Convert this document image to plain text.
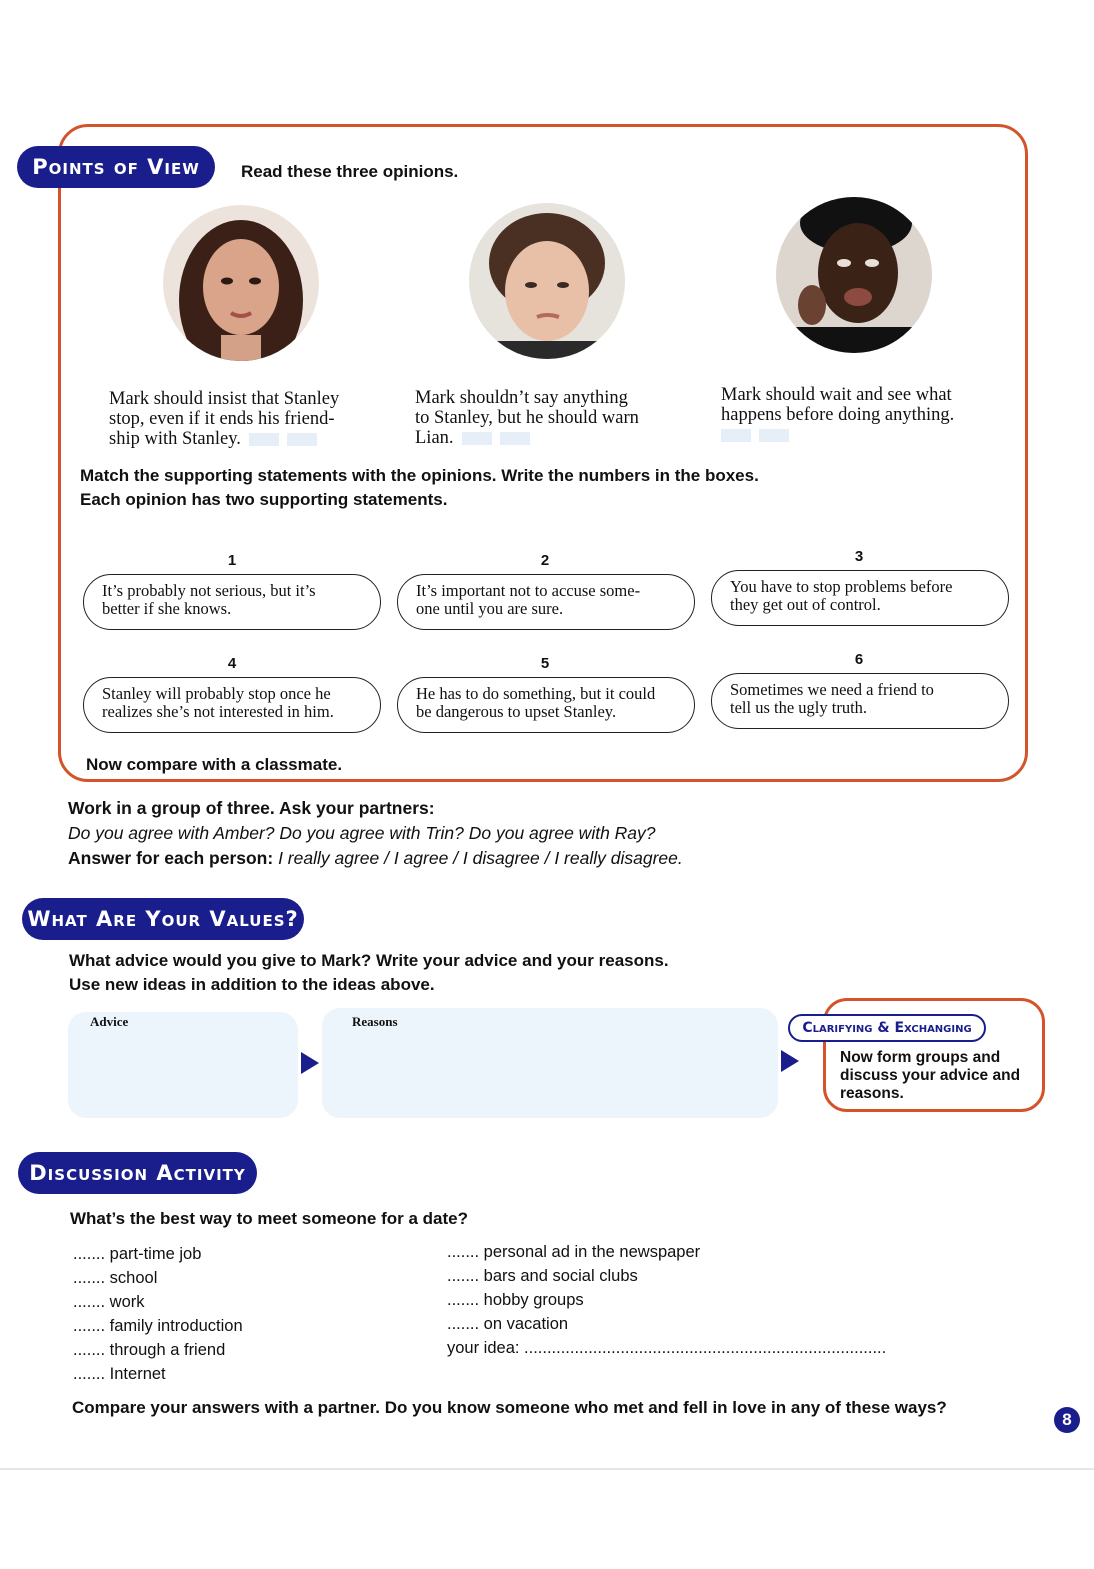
Points of View	Read these three opinions.
Mark should insist that Stanley
stop, even if it ends his friend-
ship with Stanley.
Mark shouldn’t say anything
to Stanley, but he should warn
Lian.
Mark should wait and see what
happens before doing anything.
Match the supporting statements with the opinions. Write the numbers in the boxes.
Each opinion has two supporting statements.
1
It’s probably not serious, but it’s
better if she knows.
2
It’s important not to accuse some-
one until you are sure.
3
You have to stop problems before
they get out of control.
4
Stanley will probably stop once he
realizes she’s not interested in him.
5
He has to do something, but it could
be dangerous to upset Stanley.
6
Sometimes we need a friend to
tell us the ugly truth.
Now compare with a classmate.
Work in a group of three. Ask your partners:
Do you agree with Amber? Do you agree with Trin? Do you agree with Ray?
Answer for each person: I really agree / I agree / I disagree / I really disagree.
What Are Your Values?
What advice would you give to Mark? Write your advice and your reasons.
Use new ideas in addition to the ideas above.
Advice	Reasons	Clarifying & Exchanging
Now form groups and
discuss your advice and
reasons.
Discussion Activity
What’s the best way to meet someone for a date?
....... part-time job
....... school
....... work
....... family introduction
....... through a friend
....... Internet
....... personal ad in the newspaper
....... bars and social clubs
....... hobby groups
....... on vacation
your idea: ...............................................................................
Compare your answers with a partner. Do you know someone who met and fell in love in any of these ways?
8
